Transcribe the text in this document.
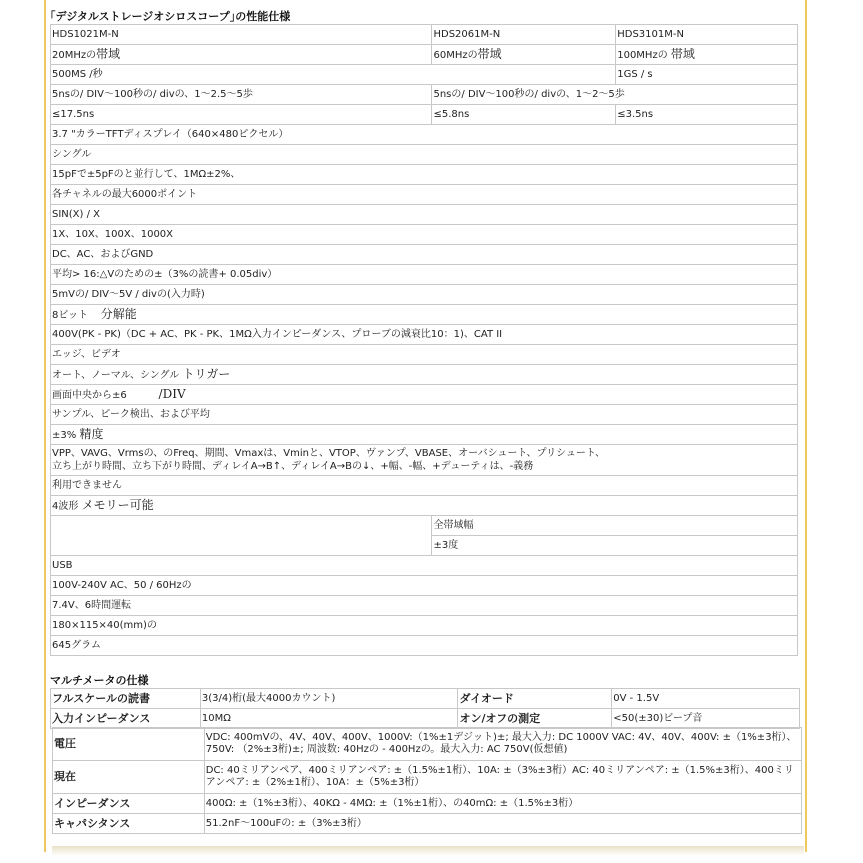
｢デジタルストレージオシロスコープ｣の性能仕様
HDS1021M-N	HDS2061M-N	HDS3101M-N
20MHzの帯域	60MHzの帯域	100MHzの 帯域
500MS /秒		1GS / s
5nsの/ DIV～100秒の/ divの、1～2.5～5歩	5nsの/ DIV～100秒の/ divの、1～2～5歩	
≤17.5ns	≤5.8ns	≤3.5ns
3.7 "カラーTFTディスプレイ（640×480ピクセル）		
シングル		
15pFで±5pFのと並行して、1MΩ±2%、		
各チャネルの最大6000ポイント		
SIN(X) / X		
1X、10X、100X、1000X		
DC、AC、およびGND		
平均> 16:△Vのための±（3%の読書+ 0.05div）		
5mVの/ DIV～5V / divの(入力時)		
8ビット 分解能		
400V(PK - PK)（DC + AC、PK - PK、1MΩ入力インピーダンス、プローブの減衰比10：1)、CAT II		
エッジ、ビデオ		
オート、ノーマル、シングル トリガー		
画面中央から±6 /DIV		
サンプル、ピーク検出、および平均		
±3% 精度		

VPP、VAVG、Vrmsの、のFreq、期間、Vmaxは、Vminと、VTOP、ヴァンプ、VBASE、オーバシュート、プリシュート、
立ち上がり時間、立ち下がり時間、ディレイA→B↑、ディレイA→Bの↓、+幅、-幅、+デューティは、-義務		

利用できません		
4波形 メモリー可能		
	全帯域幅	
	±3度	
USB		
100V-240V AC、50 / 60Hzの		
7.4V、6時間運転		
180×115×40(mm)の		
645グラム		
マルチメータの仕様
フルスケールの読書	3(3/4)桁(最大4000カウント)	ダイオード	0V - 1.5V
入力インピーダンス	10MΩ	オン/オフの測定	<50(±30)ビープ音
電圧	VDC: 400mVの、4V、40V、400V、1000V:（1%±1デジット)±; 最大入力: DC 1000V VAC: 4V、40V、400V: ±（1%±3桁）、750V: （2%±3桁)±; 周波数: 40Hzの - 400Hzの。最大入力: AC 750V(仮想値)
現在	DC: 40ミリアンペア、400ミリアンペア: ±（1.5%±1桁）、10A: ±（3%±3桁）AC: 40ミリアンペア: ±（1.5%±3桁）、400ミリアンペア: ±（2%±1桁）、10A：±（5%±3桁）
インピーダンス	400Ω: ±（1%±3桁）、40KΩ - 4MΩ: ±（1%±1桁）、の40mΩ: ±（1.5%±3桁）
キャパシタンス	51.2nF～100uFの: ±（3%±3桁）
